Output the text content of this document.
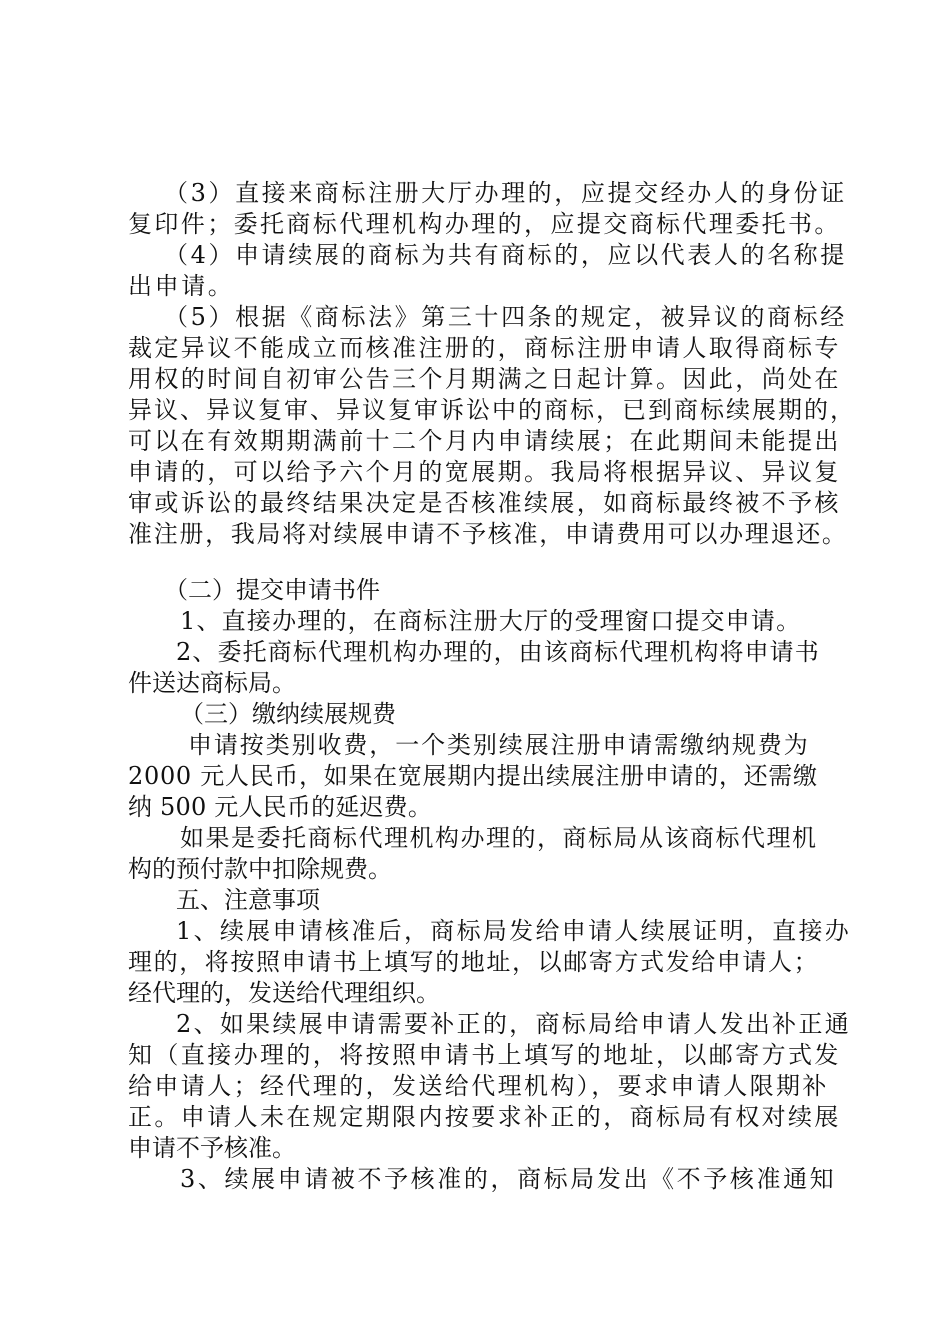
（3）直接来商标注册大厅办理的，应提交经办人的身份证
复印件；委托商标代理机构办理的，应提交商标代理委托书。
（4）申请续展的商标为共有商标的，应以代表人的名称提
出申请。
（5）根据《商标法》第三十四条的规定，被异议的商标经
裁定异议不能成立而核准注册的，商标注册申请人取得商标专
用权的时间自初审公告三个月期满之日起计算。因此，尚处在
异议、异议复审、异议复审诉讼中的商标，已到商标续展期的，
可以在有效期期满前十二个月内申请续展；在此期间未能提出
申请的，可以给予六个月的宽展期。我局将根据异议、异议复
审或诉讼的最终结果决定是否核准续展，如商标最终被不予核
准注册，我局将对续展申请不予核准，申请费用可以办理退还。
（二）提交申请书件
1、直接办理的，在商标注册大厅的受理窗口提交申请。
2、委托商标代理机构办理的，由该商标代理机构将申请书
件送达商标局。
（三）缴纳续展规费
申请按类别收费，一个类别续展注册申请需缴纳规费为
2000 元人民币，如果在宽展期内提出续展注册申请的，还需缴
纳 500 元人民币的延迟费。
如果是委托商标代理机构办理的，商标局从该商标代理机
构的预付款中扣除规费。
五、注意事项
1、续展申请核准后，商标局发给申请人续展证明，直接办
理的，将按照申请书上填写的地址，以邮寄方式发给申请人；
经代理的，发送给代理组织。
2、如果续展申请需要补正的，商标局给申请人发出补正通
知（直接办理的，将按照申请书上填写的地址，以邮寄方式发
给申请人；经代理的，发送给代理机构），要求申请人限期补
正。申请人未在规定期限内按要求补正的，商标局有权对续展
申请不予核准。
3、续展申请被不予核准的，商标局发出《不予核准通知
